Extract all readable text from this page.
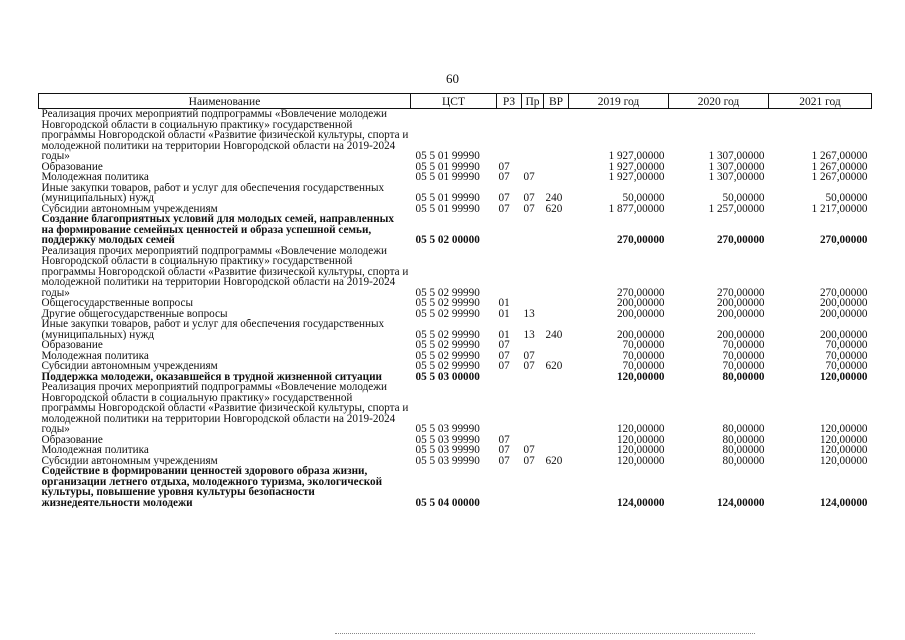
60
Наименование	ЦСТ	РЗ	Пр	ВР	2019 год	2020 год	2021 год
Реализация прочих мероприятий подпрограммы «Вовлечение молодежи Новгородской области в социальную практику» государственной программы Новгородской области «Развитие физической культуры, спорта и молодежной политики на территории Новгородской области на 2019-2024 годы»	05 5 01 99990				1 927,00000	1 307,00000	1 267,00000
Образование	05 5 01 99990	07			1 927,00000	1 307,00000	1 267,00000
Молодежная политика	05 5 01 99990	07	07		1 927,00000	1 307,00000	1 267,00000
Иные закупки товаров, работ и услуг для обеспечения государственных (муниципальных) нужд	05 5 01 99990	07	07	240	50,00000	50,00000	50,00000
Субсидии автономным учреждениям	05 5 01 99990	07	07	620	1 877,00000	1 257,00000	1 217,00000
Создание благоприятных условий для молодых семей, направленных на формирование семейных ценностей и образа успешной семьи, поддержку молодых семей	05 5 02 00000				270,00000	270,00000	270,00000
Реализация прочих мероприятий подпрограммы «Вовлечение молодежи Новгородской области в социальную практику» государственной программы Новгородской области «Развитие физической культуры, спорта и молодежной политики на территории Новгородской области на 2019-2024 годы»	05 5 02 99990				270,00000	270,00000	270,00000
Общегосударственные вопросы	05 5 02 99990	01			200,00000	200,00000	200,00000
Другие общегосударственные вопросы	05 5 02 99990	01	13		200,00000	200,00000	200,00000
Иные закупки товаров, работ и услуг для обеспечения государственных (муниципальных) нужд	05 5 02 99990	01	13	240	200,00000	200,00000	200,00000
Образование	05 5 02 99990	07			70,00000	70,00000	70,00000
Молодежная политика	05 5 02 99990	07	07		70,00000	70,00000	70,00000
Субсидии автономным учреждениям	05 5 02 99990	07	07	620	70,00000	70,00000	70,00000
Поддержка молодежи, оказавшейся в трудной жизненной ситуации	05 5 03 00000				120,00000	80,00000	120,00000
Реализация прочих мероприятий подпрограммы «Вовлечение молодежи Новгородской области в социальную практику» государственной программы Новгородской области «Развитие физической культуры, спорта и молодежной политики на территории Новгородской области на 2019-2024 годы»	05 5 03 99990				120,00000	80,00000	120,00000
Образование	05 5 03 99990	07			120,00000	80,00000	120,00000
Молодежная политика	05 5 03 99990	07	07		120,00000	80,00000	120,00000
Субсидии автономным учреждениям	05 5 03 99990	07	07	620	120,00000	80,00000	120,00000
Содействие в формировании ценностей здорового образа жизни, организации летнего отдыха, молодежного туризма, экологической культуры, повышение уровня культуры безопасности жизнедеятельности молодежи	05 5 04 00000				124,00000	124,00000	124,00000
